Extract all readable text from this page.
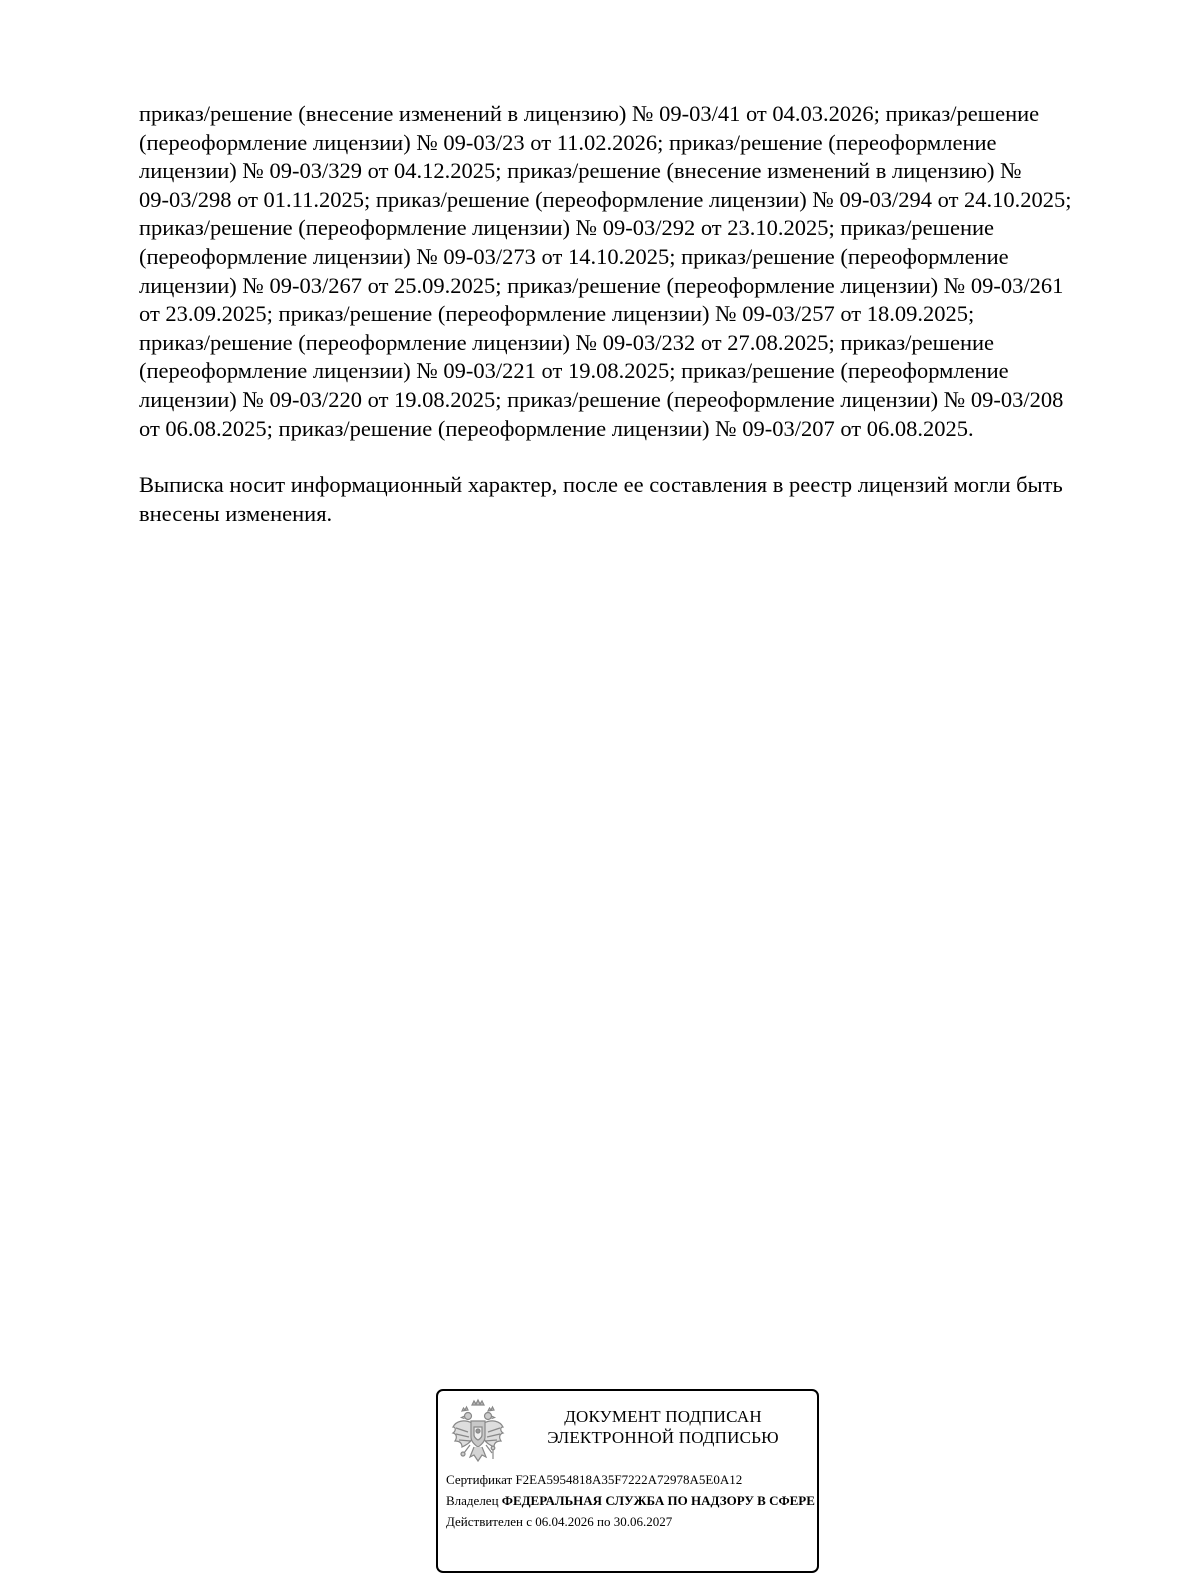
приказ/решение (внесение изменений в лицензию) № 09-03/41 от 04.03.2026; приказ/решение
(переоформление лицензии) № 09-03/23 от 11.02.2026; приказ/решение (переоформление
лицензии) № 09-03/329 от 04.12.2025; приказ/решение (внесение изменений в лицензию) №
09-03/298 от 01.11.2025; приказ/решение (переоформление лицензии) № 09-03/294 от 24.10.2025;
приказ/решение (переоформление лицензии) № 09-03/292 от 23.10.2025; приказ/решение
(переоформление лицензии) № 09-03/273 от 14.10.2025; приказ/решение (переоформление
лицензии) № 09-03/267 от 25.09.2025; приказ/решение (переоформление лицензии) № 09-03/261
от 23.09.2025; приказ/решение (переоформление лицензии) № 09-03/257 от 18.09.2025;
приказ/решение (переоформление лицензии) № 09-03/232 от 27.08.2025; приказ/решение
(переоформление лицензии) № 09-03/221 от 19.08.2025; приказ/решение (переоформление
лицензии) № 09-03/220 от 19.08.2025; приказ/решение (переоформление лицензии) № 09-03/208
от 06.08.2025; приказ/решение (переоформление лицензии) № 09-03/207 от 06.08.2025.

Выписка носит информационный характер, после ее составления в реестр лицензий могли быть
внесены изменения.

ДОКУМЕНТ ПОДПИСАН
ЭЛЕКТРОННОЙ ПОДПИСЬЮ
Сертификат F2EA5954818A35F7222A72978A5E0A12
Владелец ФЕДЕРАЛЬНАЯ СЛУЖБА ПО НАДЗОРУ В СФЕРЕ
Действителен с 06.04.2026 по 30.06.2027
